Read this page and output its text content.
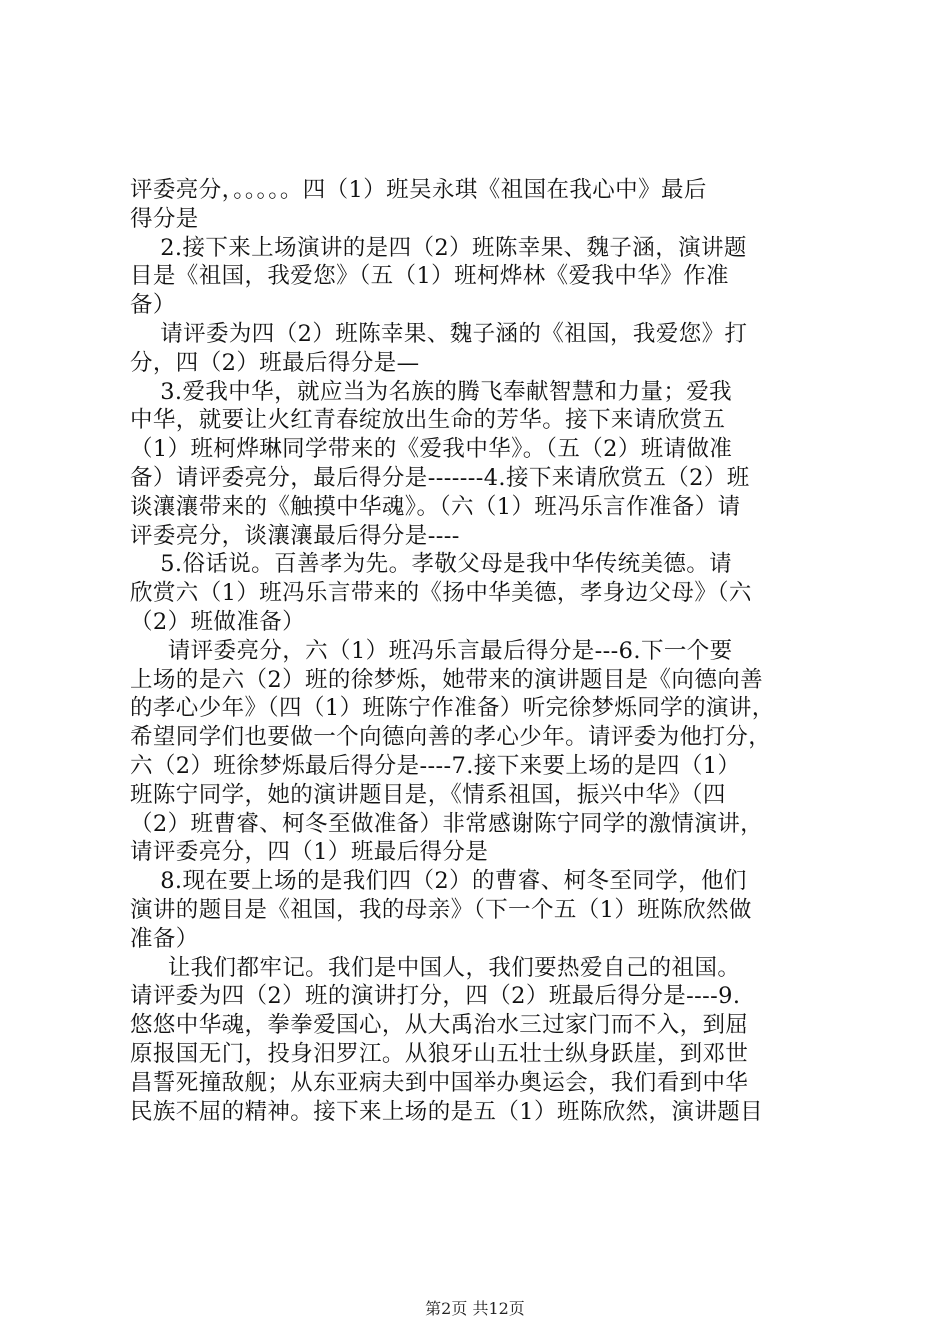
评委亮分，。。。。。四（1）班吴永琪《祖国在我心中》最后
得分是
2.接下来上场演讲的是四（2）班陈幸果、魏子涵，演讲题
目是《祖国，我爱您》（五（1）班柯烨林《爱我中华》作准
备）
请评委为四（2）班陈幸果、魏子涵的《祖国，我爱您》打
分，四（2）班最后得分是—
3.爱我中华，就应当为名族的腾飞奉献智慧和力量；爱我
中华，就要让火红青春绽放出生命的芳华。接下来请欣赏五
（1）班柯烨琳同学带来的《爱我中华》。（五（2）班请做准
备）请评委亮分，最后得分是-------4.接下来请欣赏五（2）班
谈瀼瀼带来的《触摸中华魂》。（六（1）班冯乐言作准备）请
评委亮分，谈瀼瀼最后得分是----
5.俗话说。百善孝为先。孝敬父母是我中华传统美德。请
欣赏六（1）班冯乐言带来的《扬中华美德，孝身边父母》（六
（2）班做准备）
请评委亮分，六（1）班冯乐言最后得分是---6.下一个要
上场的是六（2）班的徐梦烁，她带来的演讲题目是《向德向善
的孝心少年》（四（1）班陈宁作准备）听完徐梦烁同学的演讲，
希望同学们也要做一个向德向善的孝心少年。请评委为他打分，
六（2）班徐梦烁最后得分是----7.接下来要上场的是四（1）
班陈宁同学，她的演讲题目是，《情系祖国，振兴中华》（四
（2）班曹睿、柯冬至做准备）非常感谢陈宁同学的激情演讲，
请评委亮分，四（1）班最后得分是
8.现在要上场的是我们四（2）的曹睿、柯冬至同学，他们
演讲的题目是《祖国，我的母亲》（下一个五（1）班陈欣然做
准备）
让我们都牢记。我们是中国人，我们要热爱自己的祖国。
请评委为四（2）班的演讲打分，四（2）班最后得分是----9.
悠悠中华魂，拳拳爱国心，从大禹治水三过家门而不入，到屈
原报国无门，投身汨罗江。从狼牙山五壮士纵身跃崖，到邓世
昌誓死撞敌舰；从东亚病夫到中国举办奥运会，我们看到中华
民族不屈的精神。接下来上场的是五（1）班陈欣然，演讲题目
第2页 共12页
